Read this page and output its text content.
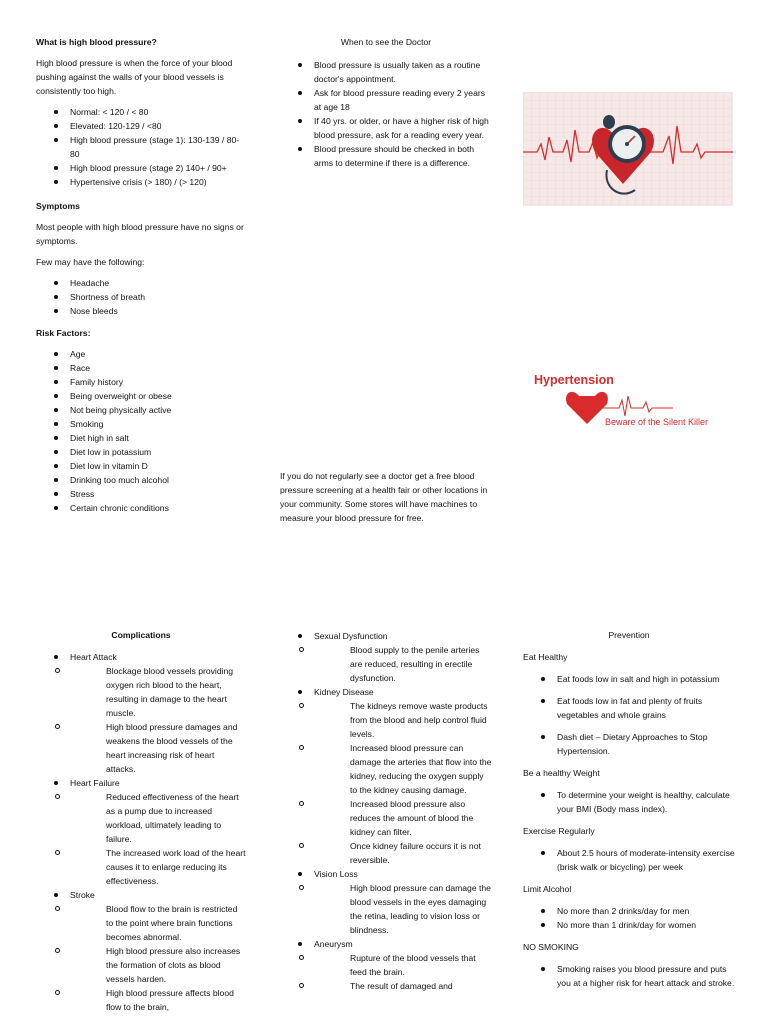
What is high blood pressure?

High blood pressure is when the force of your blood pushing against the walls of your blood vessels is consistently too high.

Normal: < 120 / < 80
Elevated: 120-129 / <80
High blood pressure (stage 1): 130-139 / 80-80
High blood pressure (stage 2) 140+ / 90+
Hypertensive crisis (> 180) / (> 120)

Symptoms

Most people with high blood pressure have no signs or symptoms.

Few may have the following:

Headache
Shortness of breath
Nose bleeds

Risk Factors:

Age
Race
Family history
Being overweight or obese
Not being physically active
Smoking
Diet high in salt
Diet low in potassium
Diet low in vitamin D
Drinking too much alcohol
Stress
Certain chronic conditions

When to see the Doctor

Blood pressure is usually taken as a routine doctor's appointment.
Ask for blood pressure reading every 2 years at age 18
If 40 yrs. or older, or have a higher risk of high blood pressure, ask for a reading every year.
Blood pressure should be checked in both arms to determine if there is a difference.

If you do not regularly see a doctor get a free blood pressure screening at a health fair or other locations in your community. Some stores will have machines to measure your blood pressure for free.

Hypertension
Beware of the Silent Killer

Complications

Heart Attack
Blockage blood vessels providing oxygen rich blood to the heart, resulting in damage to the heart muscle.
High blood pressure damages and weakens the blood vessels of the heart increasing risk of heart attacks.
Heart Failure
Reduced effectiveness of the heart as a pump due to increased workload, ultimately leading to failure.
The increased work load of the heart causes it to enlarge reducing its effectiveness.
Stroke
Blood flow to the brain is restricted to the point where brain functions becomes abnormal.
High blood pressure also increases the formation of clots as blood vessels harden.
High blood pressure affects blood flow to the brain,
Sexual Dysfunction
Blood supply to the penile arteries are reduced, resulting in erectile dysfunction.
Kidney Disease
The kidneys remove waste products from the blood and help control fluid levels.
Increased blood pressure can damage the arteries that flow into the kidney, reducing the oxygen supply to the kidney causing damage.
Increased blood pressure also reduces the amount of blood the kidney can filter.
Once kidney failure occurs it is not reversible.
Vision Loss
High blood pressure can damage the blood vessels in the eyes damaging the retina, leading to vision loss or blindness.
Aneurysm
Rupture of the blood vessels that feed the brain.
The result of damaged and

Prevention

Eat Healthy

Eat foods low in salt and high in potassium
Eat foods low in fat and plenty of fruits vegetables and whole grains
Dash diet – Dietary Approaches to Stop Hypertension.

Be a healthy Weight

To determine your weight is healthy, calculate your BMI (Body mass index).

Exercise Regularly

About 2.5 hours of moderate-intensity exercise (brisk walk or bicycling) per week

Limit Alcohol

No more than 2 drinks/day for men
No more than 1 drink/day for women

NO SMOKING

Smoking raises you blood pressure and puts you at a higher risk for heart attack and stroke.
